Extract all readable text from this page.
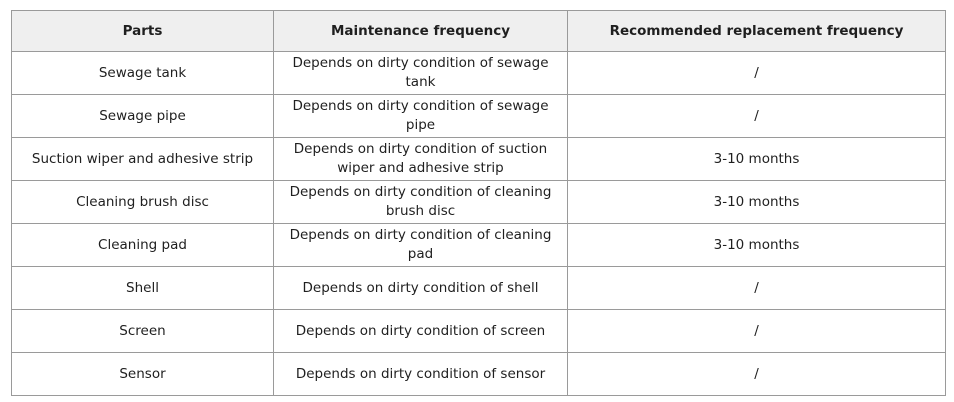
Parts	Maintenance frequency	Recommended replacement frequency
Sewage tank	Depends on dirty condition of sewage tank	/
Sewage pipe	Depends on dirty condition of sewage pipe	/
Suction wiper and adhesive strip	Depends on dirty condition of suction wiper and adhesive strip	3-10 months
Cleaning brush disc	Depends on dirty condition of cleaning brush disc	3-10 months
Cleaning pad	Depends on dirty condition of cleaning pad	3-10 months
Shell	Depends on dirty condition of shell	/
Screen	Depends on dirty condition of screen	/
Sensor	Depends on dirty condition of sensor	/
